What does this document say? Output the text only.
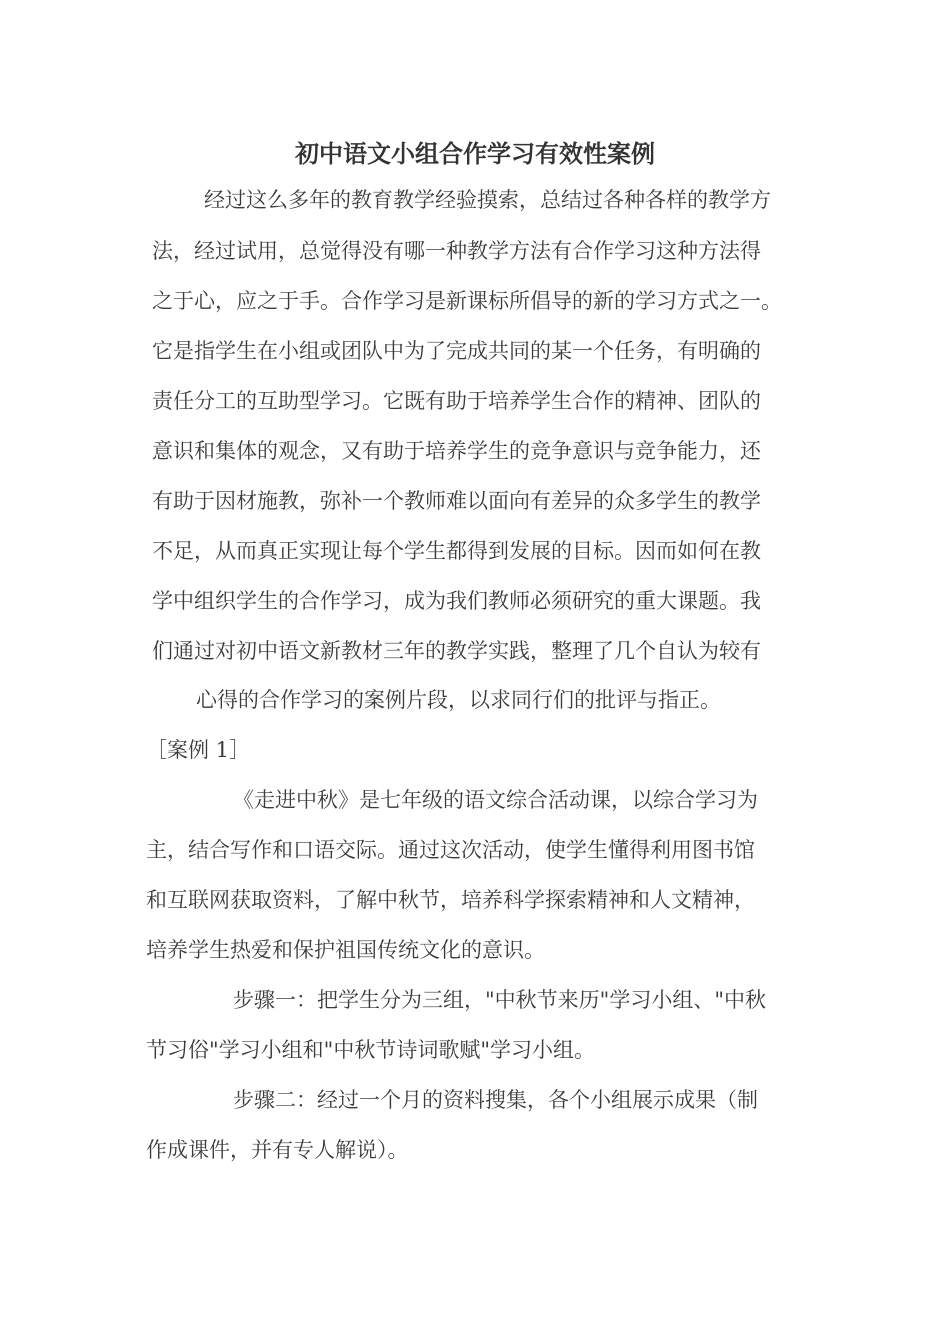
初中语文小组合作学习有效性案例
经过这么多年的教育教学经验摸索，总结过各种各样的教学方
法，经过试用，总觉得没有哪一种教学方法有合作学习这种方法得
之于心，应之于手。合作学习是新课标所倡导的新的学习方式之一。
它是指学生在小组或团队中为了完成共同的某一个任务，有明确的
责任分工的互助型学习。它既有助于培养学生合作的精神、团队的
意识和集体的观念，又有助于培养学生的竞争意识与竞争能力，还
有助于因材施教，弥补一个教师难以面向有差异的众多学生的教学
不足，从而真正实现让每个学生都得到发展的目标。因而如何在教
学中组织学生的合作学习，成为我们教师必须研究的重大课题。我
们通过对初中语文新教材三年的教学实践，整理了几个自认为较有
心得的合作学习的案例片段，以求同行们的批评与指正。
［案例 1］
《走进中秋》是七年级的语文综合活动课，以综合学习为
主，结合写作和口语交际。通过这次活动，使学生懂得利用图书馆
和互联网获取资料，了解中秋节，培养科学探索精神和人文精神，
培养学生热爱和保护祖国传统文化的意识。
步骤一：把学生分为三组，"中秋节来历"学习小组、"中秋
节习俗"学习小组和"中秋节诗词歌赋"学习小组。
步骤二：经过一个月的资料搜集，各个小组展示成果（制
作成课件，并有专人解说）。
